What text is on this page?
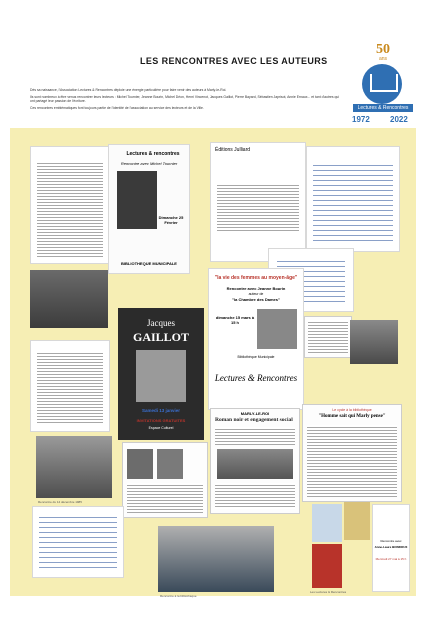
LES RENCONTRES AVEC LES AUTEURS
50
ans
Lectures & Rencontres
1972	2022

Dès sa naissance, l'Association Lectures & Rencontres déploie une énergie particulière pour faire venir des auteurs à Marly-le-Roi.

Ils sont nombreux à être venus rencontrer leurs lecteurs : Michel Tournier, Jeanne Bourin, Michel Déon, Henri Vincenot, Jacques Gaillot, Pierre Bayard, Sébastien Japrisot, Annie Ernaux... et tant d'autres qui ont partagé leur passion de l'écriture.

Ces rencontres emblématiques font toujours partie de l'identité de l'association au service des lecteurs et de la Ville.

Lectures & rencontres
Rencontre avec Michel Tournier
Dimanche 25 Février
BIBLIOTHEQUE MUNICIPALE
Éditions Julliard
"la vie des femmes au moyen-âge"
Rencontre avec Jeanne Bourin
auteur de
"la Chambre des Dames"
dimanche 15 mars à 15 h
Bibliothèque Municipale
Lectures & Rencontres
Jacques
GAILLOT
Samedi 13 janvier
INVITATIONS GRATUITES
Espace Culturel
MARLY-LE-ROI
Roman noir et engagement social
Le cycle à la bibliothèque
"Homme sait qui Marly pense"
Rencontre du 14 décembre 1985
Rencontre à la bibliothèque
Les Lectures & Rencontres
Rencontre avec
Anne-Laure BONDOUX
Mercredi 27 mai à 15 h
